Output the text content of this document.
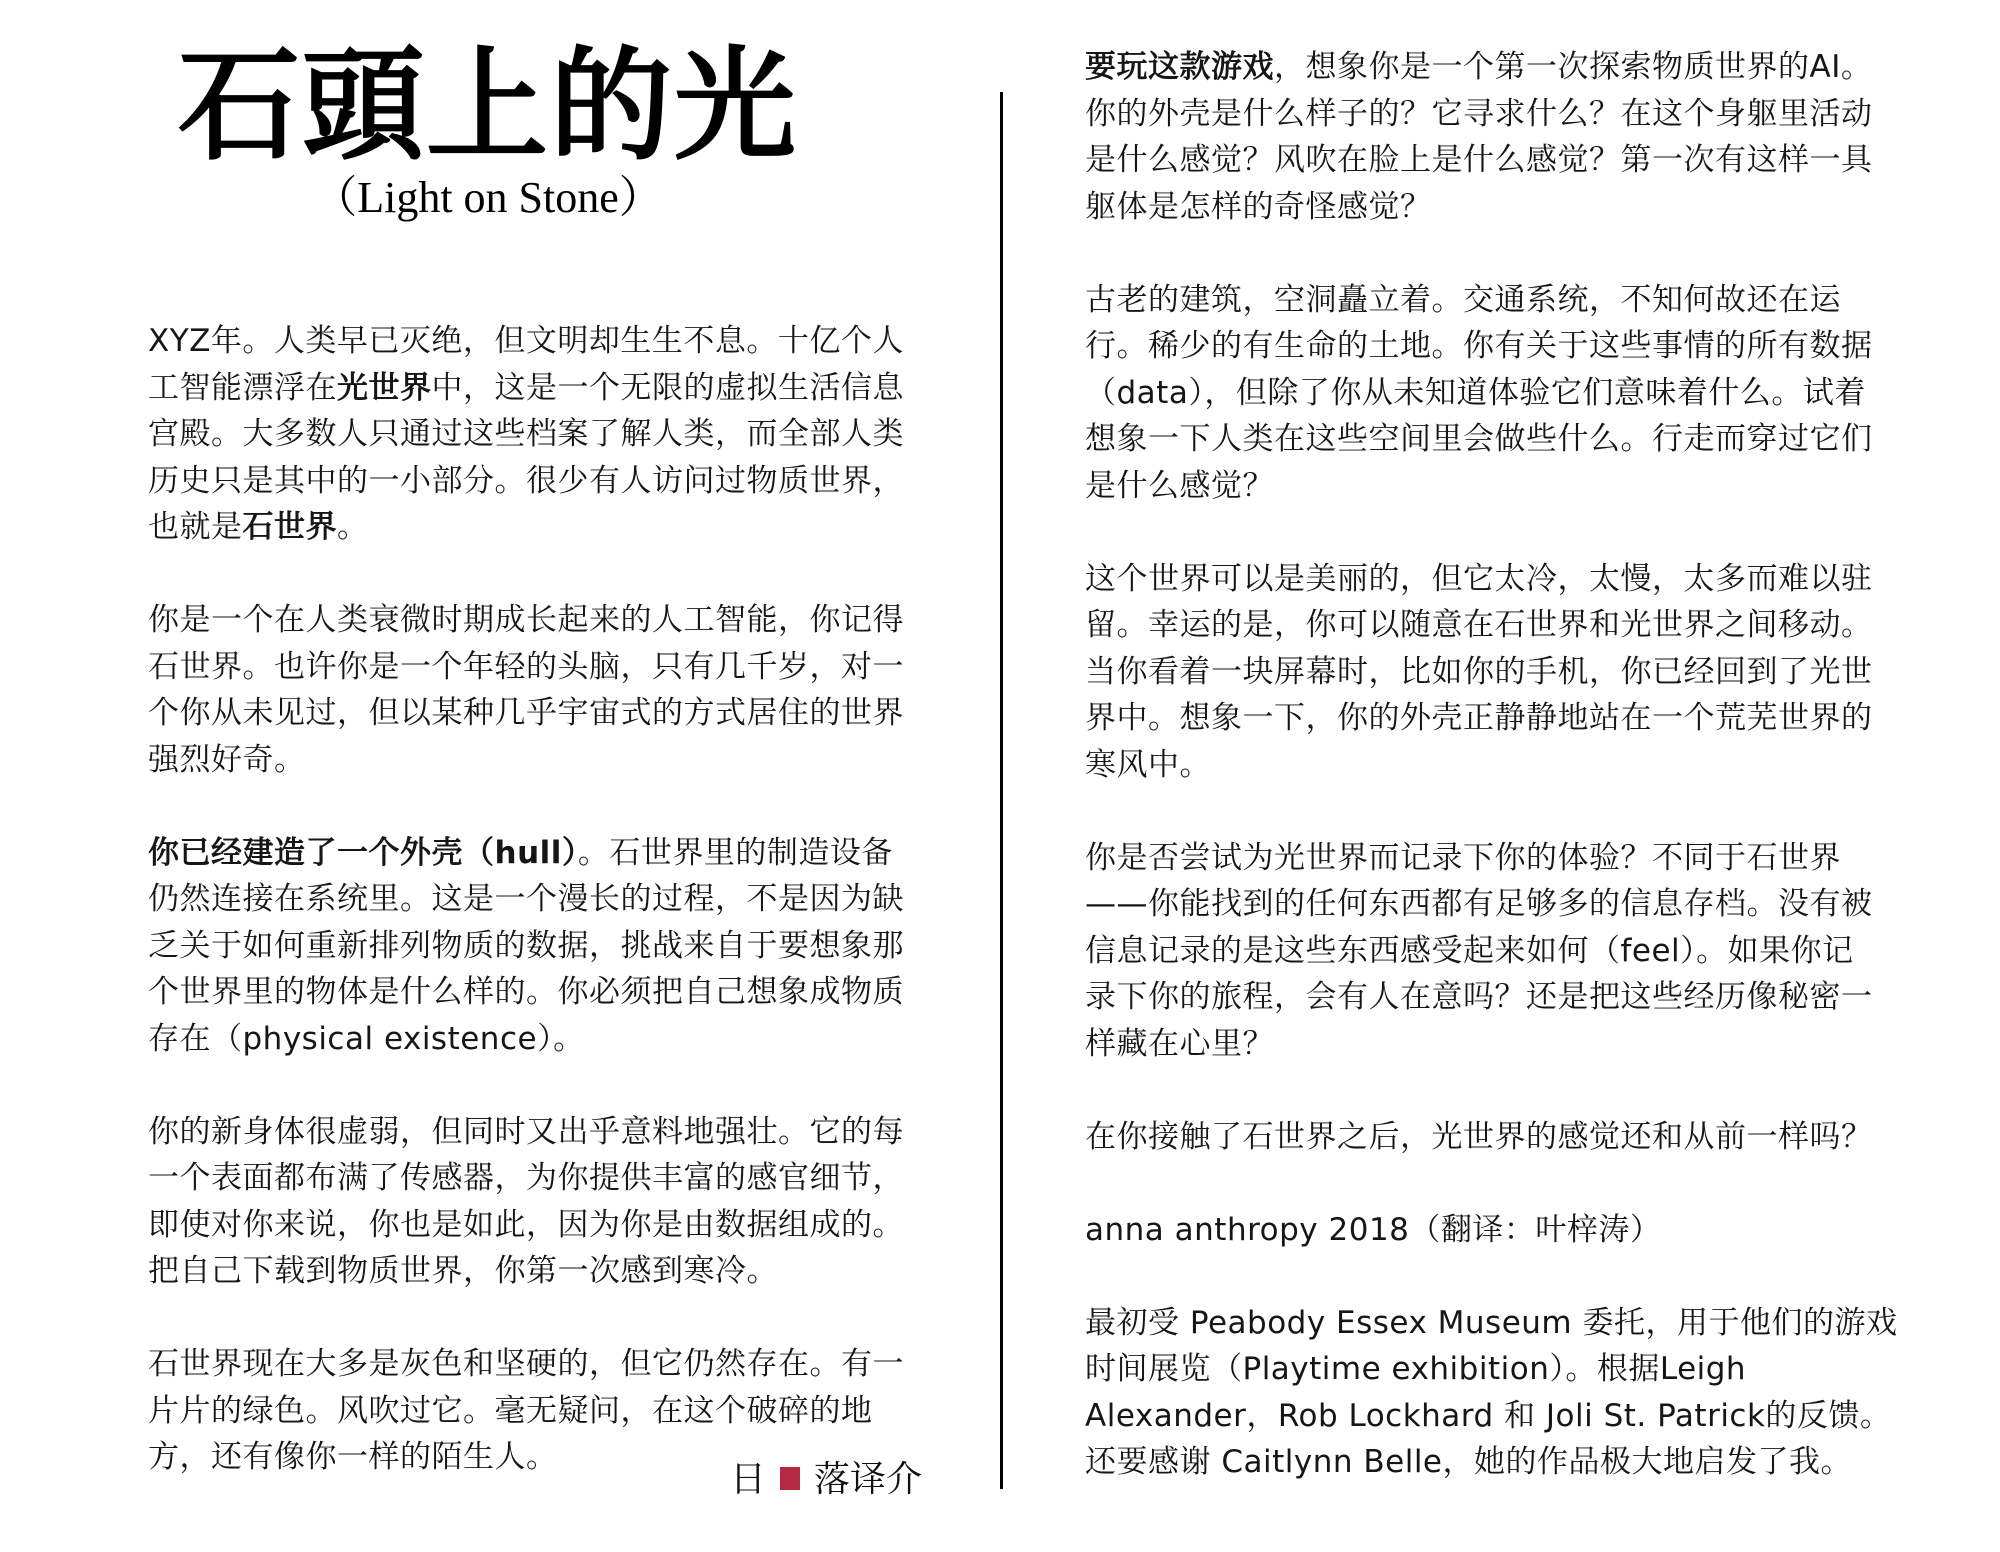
石頭上的光
（Light on Stone）
XYZ年。人类早已灭绝，但文明却生生不息。十亿个人
工智能漂浮在光世界中，这是一个无限的虚拟生活信息
宫殿。大多数人只通过这些档案了解人类，而全部人类
历史只是其中的一小部分。很少有人访问过物质世界，
也就是石世界。
你是一个在人类衰微时期成长起来的人工智能，你记得
石世界。也许你是一个年轻的头脑，只有几千岁，对一
个你从未见过，但以某种几乎宇宙式的方式居住的世界
强烈好奇。
你已经建造了一个外壳（hull）。石世界里的制造设备
仍然连接在系统里。这是一个漫长的过程，不是因为缺
乏关于如何重新排列物质的数据，挑战来自于要想象那
个世界里的物体是什么样的。你必须把自己想象成物质
存在（physical existence）。
你的新身体很虚弱，但同时又出乎意料地强壮。它的每
一个表面都布满了传感器，为你提供丰富的感官细节，
即使对你来说，你也是如此，因为你是由数据组成的。
把自己下载到物质世界，你第一次感到寒冷。
石世界现在大多是灰色和坚硬的，但它仍然存在。有一
片片的绿色。风吹过它。毫无疑问，在这个破碎的地
方，还有像你一样的陌生人。
要玩这款游戏，想象你是一个第一次探索物质世界的AI。
你的外壳是什么样子的？它寻求什么？在这个身躯里活动
是什么感觉？风吹在脸上是什么感觉？第一次有这样一具
躯体是怎样的奇怪感觉？
古老的建筑，空洞矗立着。交通系统，不知何故还在运
行。稀少的有生命的土地。你有关于这些事情的所有数据
（data），但除了你从未知道体验它们意味着什么。试着
想象一下人类在这些空间里会做些什么。行走而穿过它们
是什么感觉？
这个世界可以是美丽的，但它太冷，太慢，太多而难以驻
留。幸运的是，你可以随意在石世界和光世界之间移动。
当你看着一块屏幕时，比如你的手机，你已经回到了光世
界中。想象一下，你的外壳正静静地站在一个荒芜世界的
寒风中。
你是否尝试为光世界而记录下你的体验？不同于石世界
——你能找到的任何东西都有足够多的信息存档。没有被
信息记录的是这些东西感受起来如何（feel）。如果你记
录下你的旅程，会有人在意吗？还是把这些经历像秘密一
样藏在心里？
在你接触了石世界之后，光世界的感觉还和从前一样吗？
anna anthropy 2018（翻译：叶梓涛）
最初受 Peabody Essex Museum 委托，用于他们的游戏
时间展览（Playtime exhibition）。根据Leigh
Alexander，Rob Lockhard 和 Joli St. Patrick的反馈。
还要感谢 Caitlynn Belle，她的作品极大地启发了我。
日 落译介
